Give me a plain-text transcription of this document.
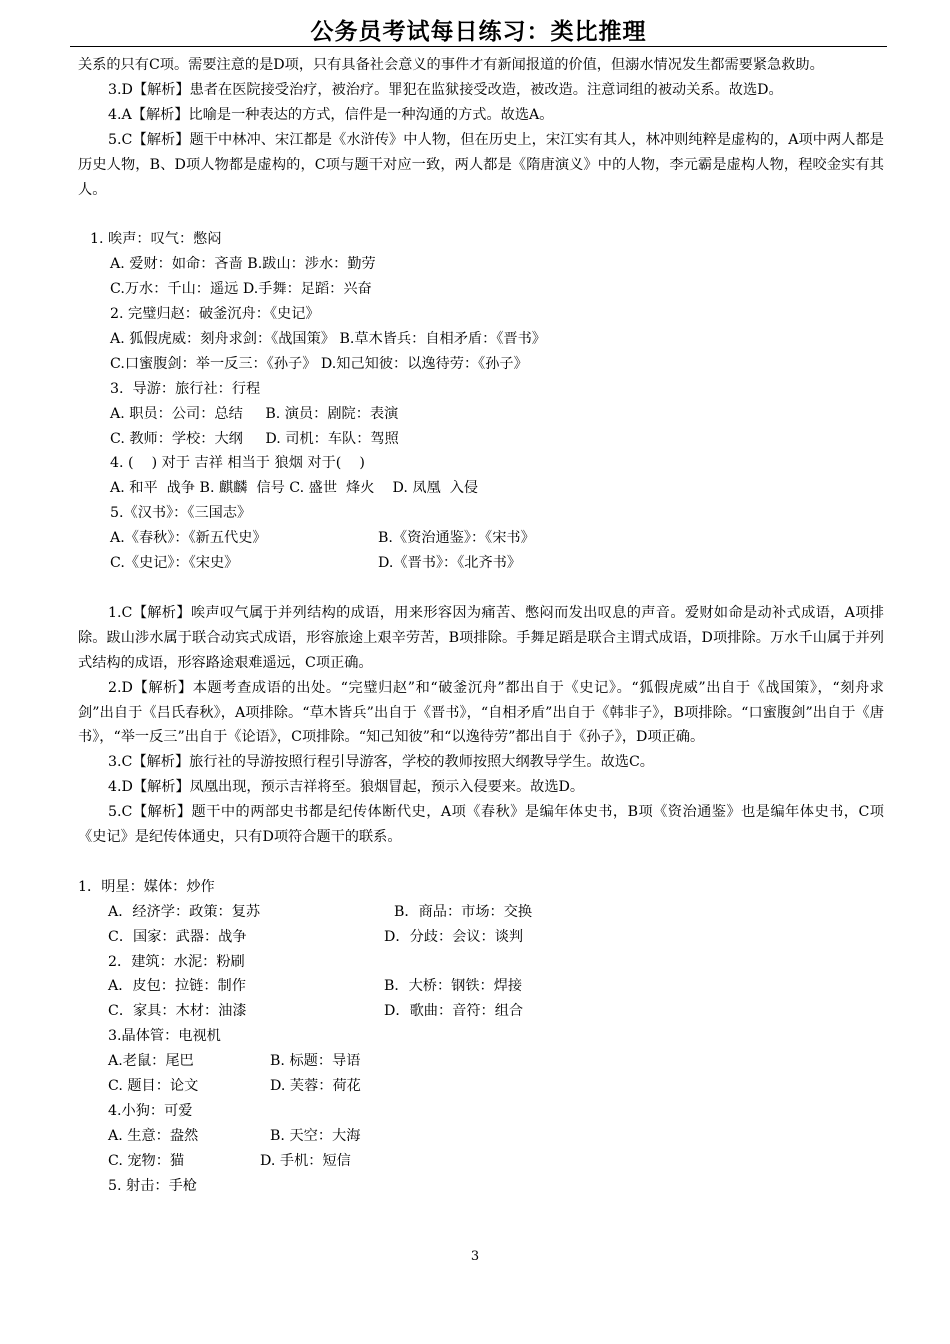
公务员考试每日练习：类比推理

关系的只有C项。需要注意的是D项，只有具备社会意义的事件才有新闻报道的价值，但溺水情况发生都需要紧急救助。

3.D【解析】患者在医院接受治疗，被治疗。罪犯在监狱接受改造，被改造。注意词组的被动关系。故选D。

4.A【解析】比喻是一种表达的方式，信件是一种沟通的方式。故选A。

5.C【解析】题干中林冲、宋江都是《水浒传》中人物，但在历史上，宋江实有其人，林冲则纯粹是虚构的，A项中两人都是历史人物，B、D项人物都是虚构的，C项与题干对应一致，两人都是《隋唐演义》中的人物，李元霸是虚构人物，程咬金实有其人。

1. 唉声：叹气：憋闷

A. 爱财：如命：吝啬 B.跋山：涉水：勤劳

C.万水：千山：遥远 D.手舞：足蹈：兴奋

2. 完璧归赵：破釜沉舟：《史记》

A. 狐假虎威：刻舟求剑：《战国策》 B.草木皆兵：自相矛盾：《晋书》

C.口蜜腹剑：举一反三：《孙子》 D.知己知彼：以逸待劳：《孙子》

3.  导游：旅行社：行程

A. 职员：公司：总结     B. 演员：剧院：表演

C. 教师：学校：大纲     D. 司机：车队：驾照

4. (    ) 对于 吉祥 相当于 狼烟 对于(    )

A. 和平  战争 B. 麒麟  信号 C. 盛世  烽火    D. 凤凰  入侵

5.《汉书》：《三国志》

A.《春秋》：《新五代史》	B.《资治通鉴》：《宋书》

C.《史记》：《宋史》	D.《晋书》：《北齐书》

1.C【解析】唉声叹气属于并列结构的成语，用来形容因为痛苦、憋闷而发出叹息的声音。爱财如命是动补式成语，A项排除。跋山涉水属于联合动宾式成语，形容旅途上艰辛劳苦，B项排除。手舞足蹈是联合主谓式成语，D项排除。万水千山属于并列式结构的成语，形容路途艰难遥远，C项正确。

2.D【解析】本题考查成语的出处。“完璧归赵”和“破釜沉舟”都出自于《史记》。“狐假虎威”出自于《战国策》，“刻舟求剑”出自于《吕氏春秋》，A项排除。“草木皆兵”出自于《晋书》，“自相矛盾”出自于《韩非子》，B项排除。“口蜜腹剑”出自于《唐书》，“举一反三”出自于《论语》，C项排除。“知己知彼”和“以逸待劳”都出自于《孙子》，D项正确。

3.C【解析】旅行社的导游按照行程引导游客，学校的教师按照大纲教导学生。故选C。

4.D【解析】凤凰出现，预示吉祥将至。狼烟冒起，预示入侵要来。故选D。

5.C【解析】题干中的两部史书都是纪传体断代史，A项《春秋》是编年体史书，B项《资治通鉴》也是编年体史书，C项《史记》是纪传体通史，只有D项符合题干的联系。

1．明星：媒体：炒作

A．经济学：政策：复苏	B．商品：市场：交换

C．国家：武器：战争	D．分歧：会议：谈判

2．建筑：水泥：粉刷

A．皮包：拉链：制作	B．大桥：钢铁：焊接

C．家具：木材：油漆	D．歌曲：音符：组合

3.晶体管：电视机

A.老鼠：尾巴	B. 标题：导语

C. 题目：论文	D. 芙蓉：荷花

4.小狗：可爱

A. 生意：盎然	B. 天空：大海

C. 宠物：猫	D. 手机：短信

5. 射击：手枪

3
